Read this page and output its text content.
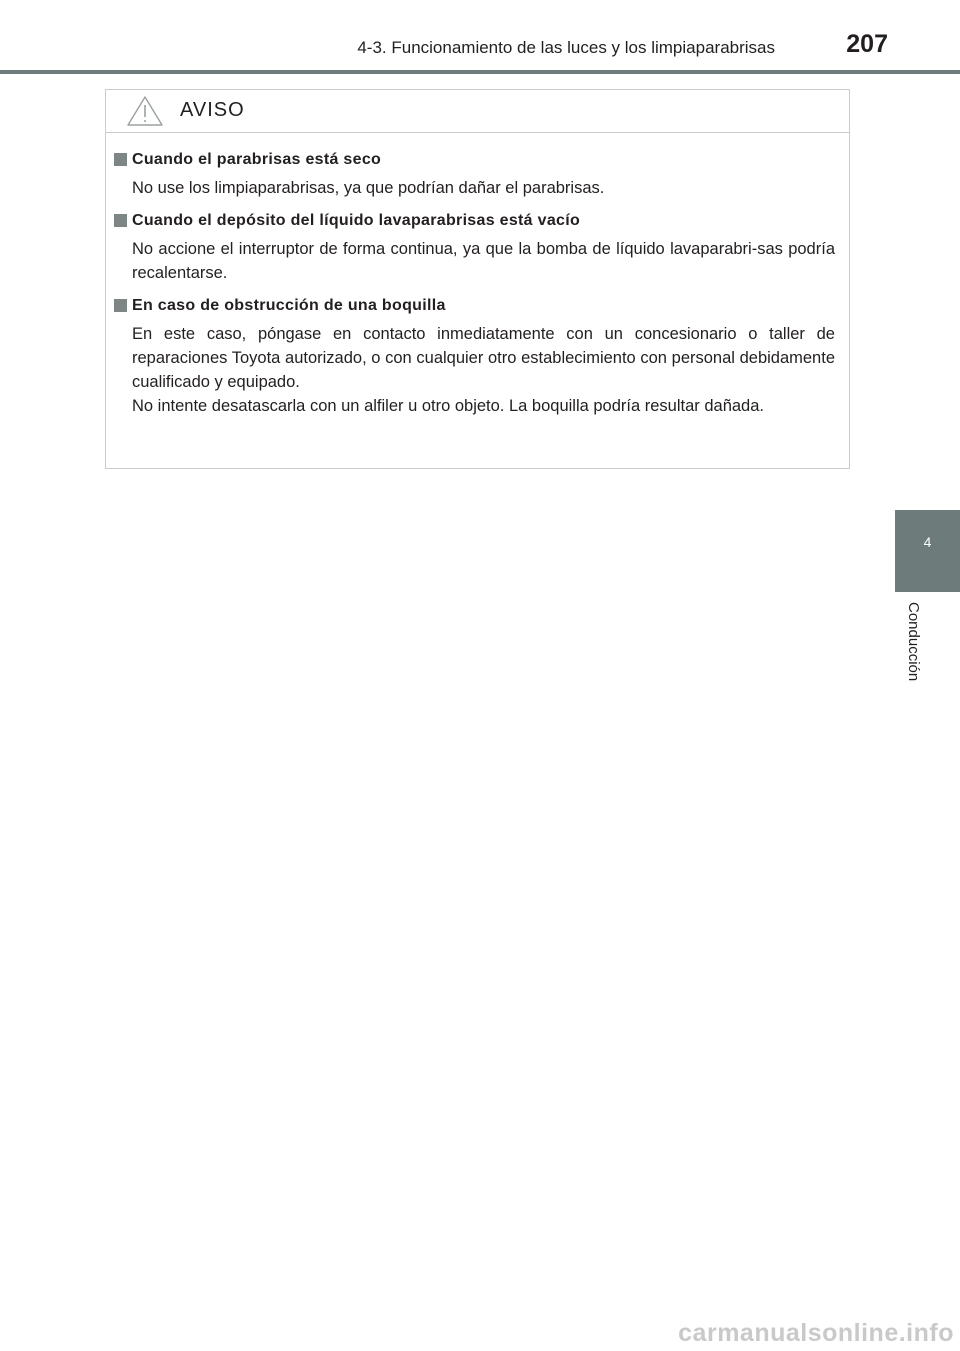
4-3. Funcionamiento de las luces y los limpiaparabrisas	207
4
Conducción
AVISO
Cuando el parabrisas está seco

No use los limpiaparabrisas, ya que podrían dañar el parabrisas.

Cuando el depósito del líquido lavaparabrisas está vacío

No accione el interruptor de forma continua, ya que la bomba de líquido lavaparabri-sas podría recalentarse.

En caso de obstrucción de una boquilla

En este caso, póngase en contacto inmediatamente con un concesionario o taller de reparaciones Toyota autorizado, o con cualquier otro establecimiento con personal debidamente cualificado y equipado.

No intente desatascarla con un alfiler u otro objeto. La boquilla podría resultar dañada.

carmanualsonline.info
